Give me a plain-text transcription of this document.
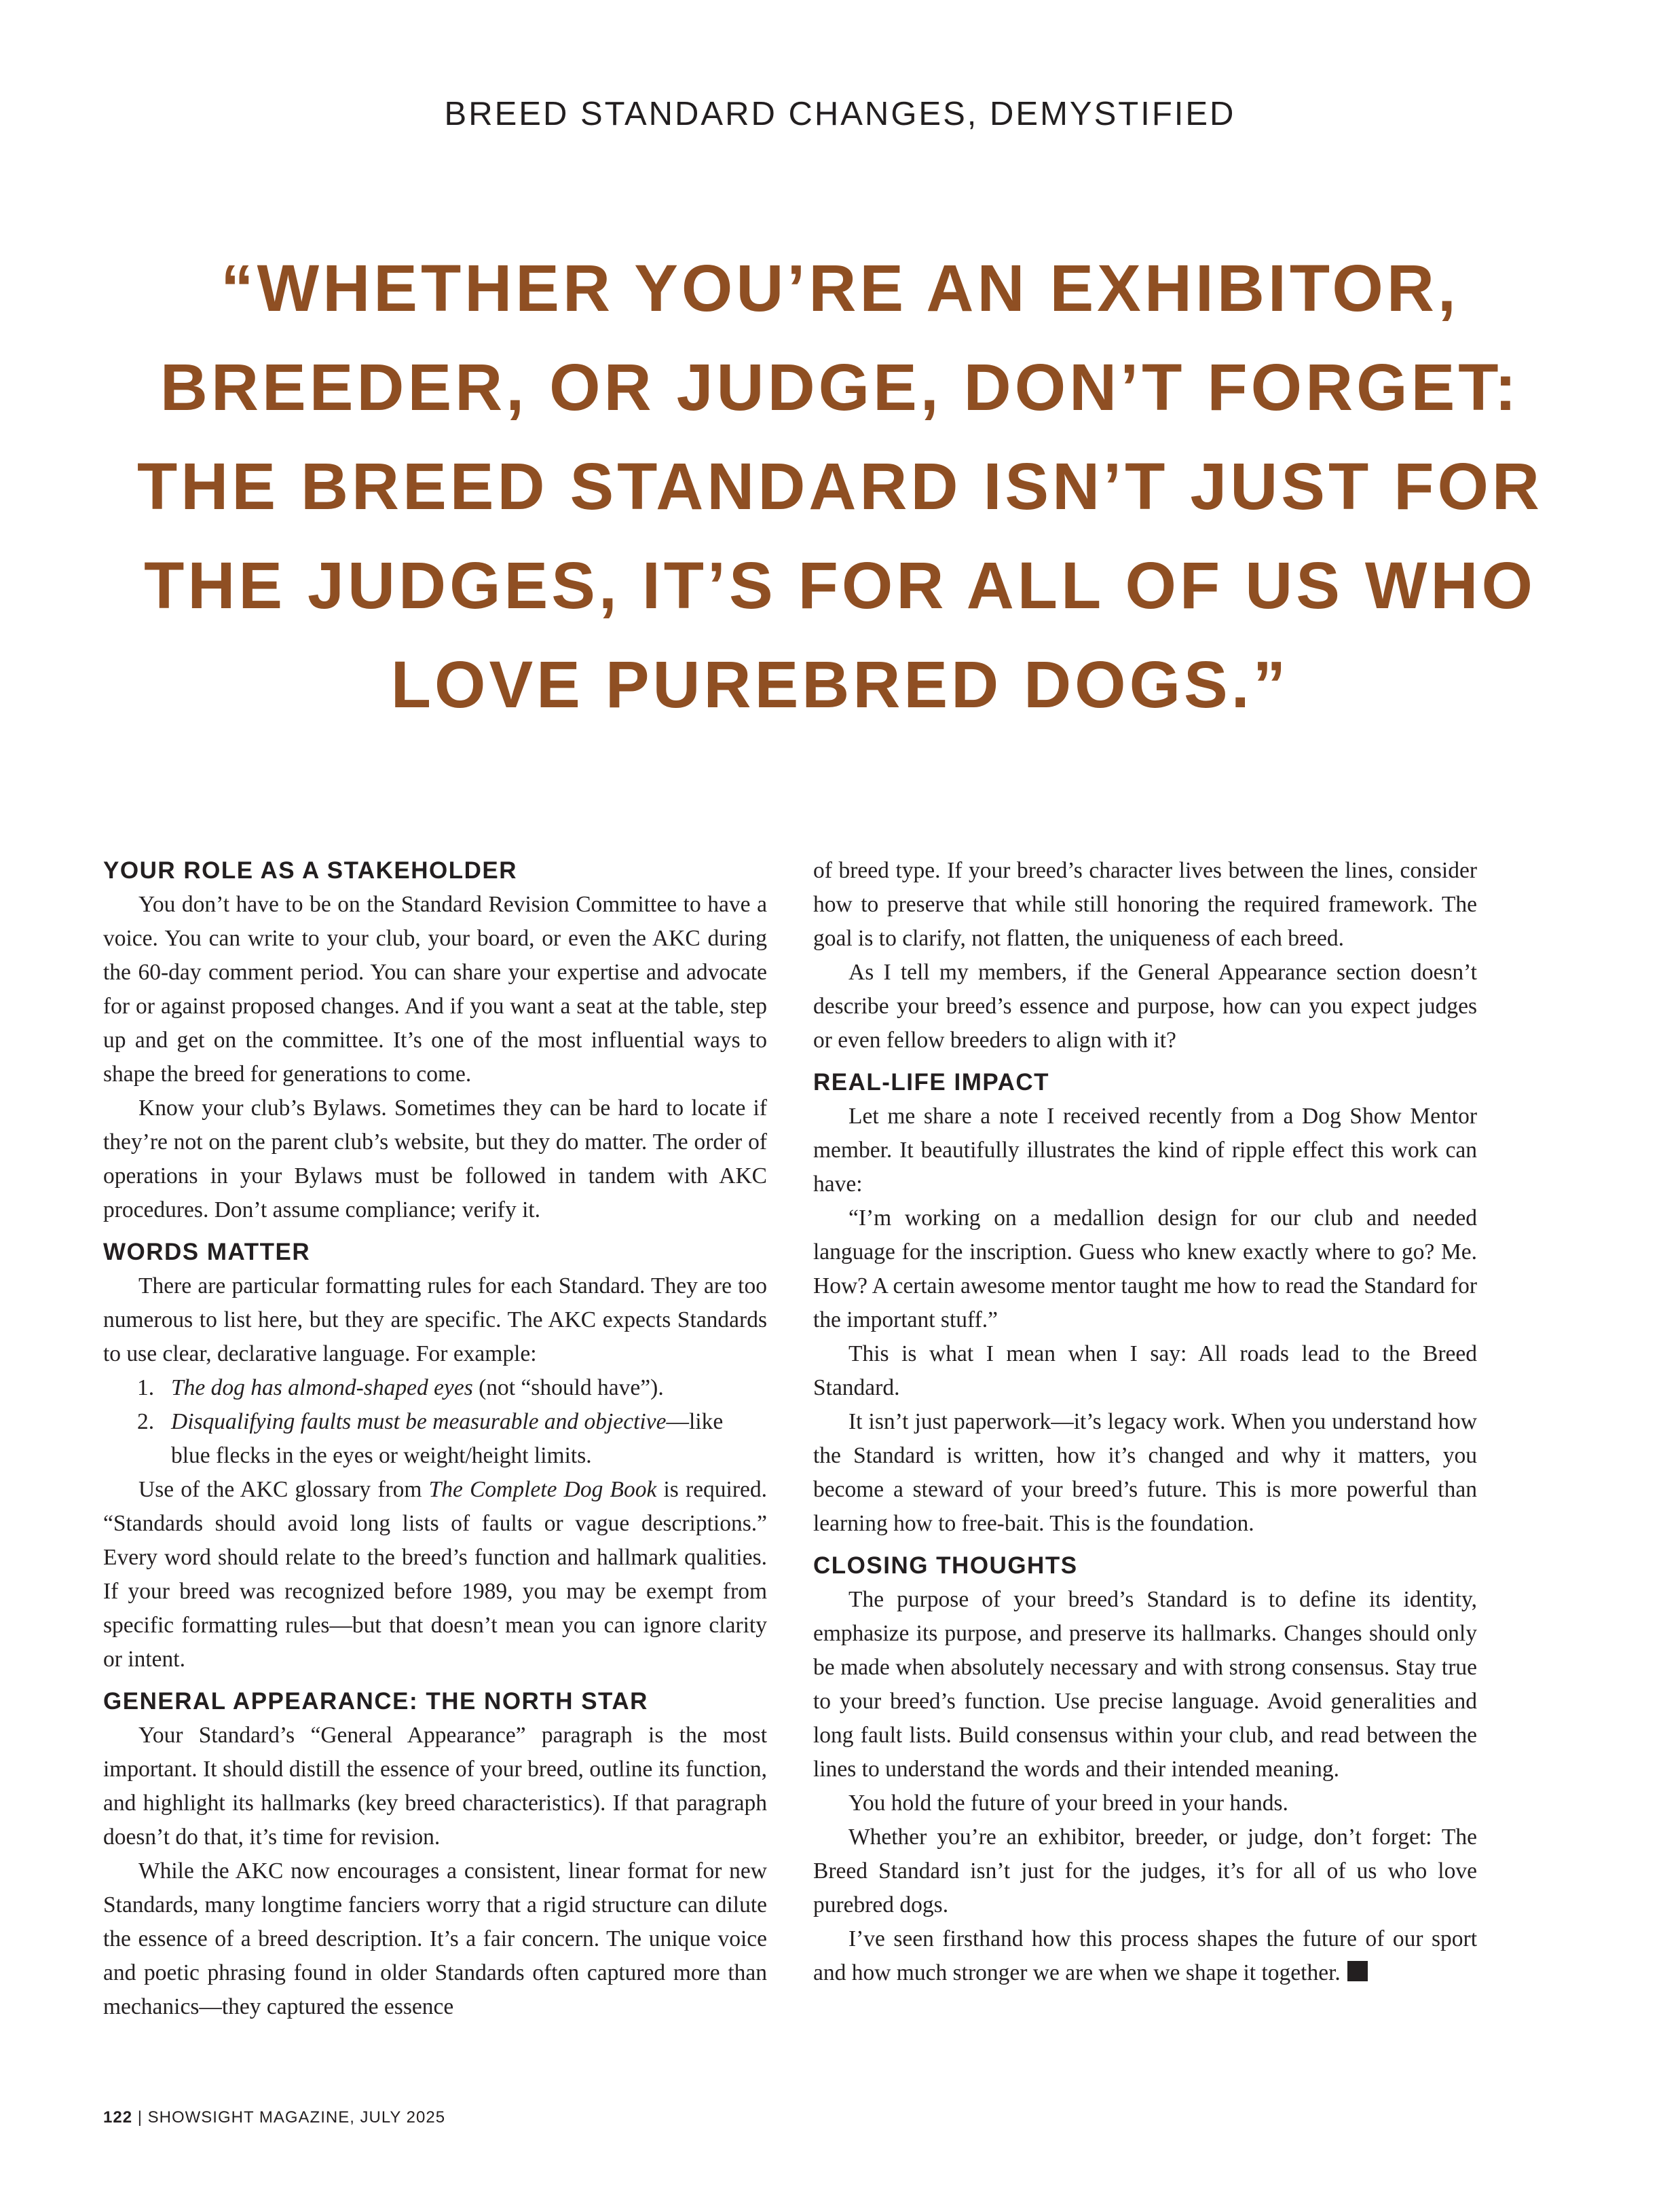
BREED STANDARD CHANGES, DEMYSTIFIED
“WHETHER YOU’RE AN EXHIBITOR,
BREEDER, OR JUDGE, DON’T FORGET:
THE BREED STANDARD ISN’T JUST FOR
THE JUDGES, IT’S FOR ALL OF US WHO
LOVE PUREBRED DOGS.”
YOUR ROLE AS A STAKEHOLDER

You don’t have to be on the Standard Revision Committee to have a voice. You can write to your club, your board, or even the AKC during the 60-day comment period. You can share your expertise and advocate for or against proposed changes. And if you want a seat at the table, step up and get on the committee. It’s one of the most influential ways to shape the breed for generations to come.

Know your club’s Bylaws. Sometimes they can be hard to locate if they’re not on the parent club’s website, but they do matter. The order of operations in your Bylaws must be followed in tandem with AKC procedures. Don’t assume compliance; verify it.

WORDS MATTER

There are particular formatting rules for each Standard. They are too numerous to list here, but they are specific. The AKC expects Standards to use clear, declarative language. For example:

1. The dog has almond-shaped eyes (not “should have”).
2. Disqualifying faults must be measurable and objective—like blue flecks in the eyes or weight/height limits.

Use of the AKC glossary from The Complete Dog Book is required. “Standards should avoid long lists of faults or vague descriptions.” Every word should relate to the breed’s function and hallmark qualities. If your breed was recognized before 1989, you may be exempt from specific formatting rules—but that doesn’t mean you can ignore clarity or intent.

GENERAL APPEARANCE: THE NORTH STAR

Your Standard’s “General Appearance” paragraph is the most important. It should distill the essence of your breed, outline its function, and highlight its hallmarks (key breed characteristics). If that paragraph doesn’t do that, it’s time for revision.

While the AKC now encourages a consistent, linear format for new Standards, many longtime fanciers worry that a rigid structure can dilute the essence of a breed description. It’s a fair concern. The unique voice and poetic phrasing found in older Standards often captured more than mechanics—they captured the essence

of breed type. If your breed’s character lives between the lines, consider how to preserve that while still honoring the required framework. The goal is to clarify, not flatten, the uniqueness of each breed.

As I tell my members, if the General Appearance section doesn’t describe your breed’s essence and purpose, how can you expect judges or even fellow breeders to align with it?

REAL-LIFE IMPACT

Let me share a note I received recently from a Dog Show Mentor member. It beautifully illustrates the kind of ripple effect this work can have:

“I’m working on a medallion design for our club and needed language for the inscription. Guess who knew exactly where to go? Me. How? A certain awesome mentor taught me how to read the Standard for the important stuff.”

This is what I mean when I say: All roads lead to the Breed Standard.

It isn’t just paperwork—it’s legacy work. When you understand how the Standard is written, how it’s changed and why it matters, you become a steward of your breed’s future. This is more powerful than learning how to free-bait. This is the foundation.

CLOSING THOUGHTS

The purpose of your breed’s Standard is to define its identity, emphasize its purpose, and preserve its hallmarks. Changes should only be made when absolutely necessary and with strong consensus. Stay true to your breed’s function. Use precise language. Avoid generalities and long fault lists. Build consensus within your club, and read between the lines to understand the words and their intended meaning.

You hold the future of your breed in your hands.

Whether you’re an exhibitor, breeder, or judge, don’t forget: The Breed Standard isn’t just for the judges, it’s for all of us who love purebred dogs.

I’ve seen firsthand how this process shapes the future of our sport and how much stronger we are when we shape it together.

122 | SHOWSIGHT MAGAZINE, JULY 2025
